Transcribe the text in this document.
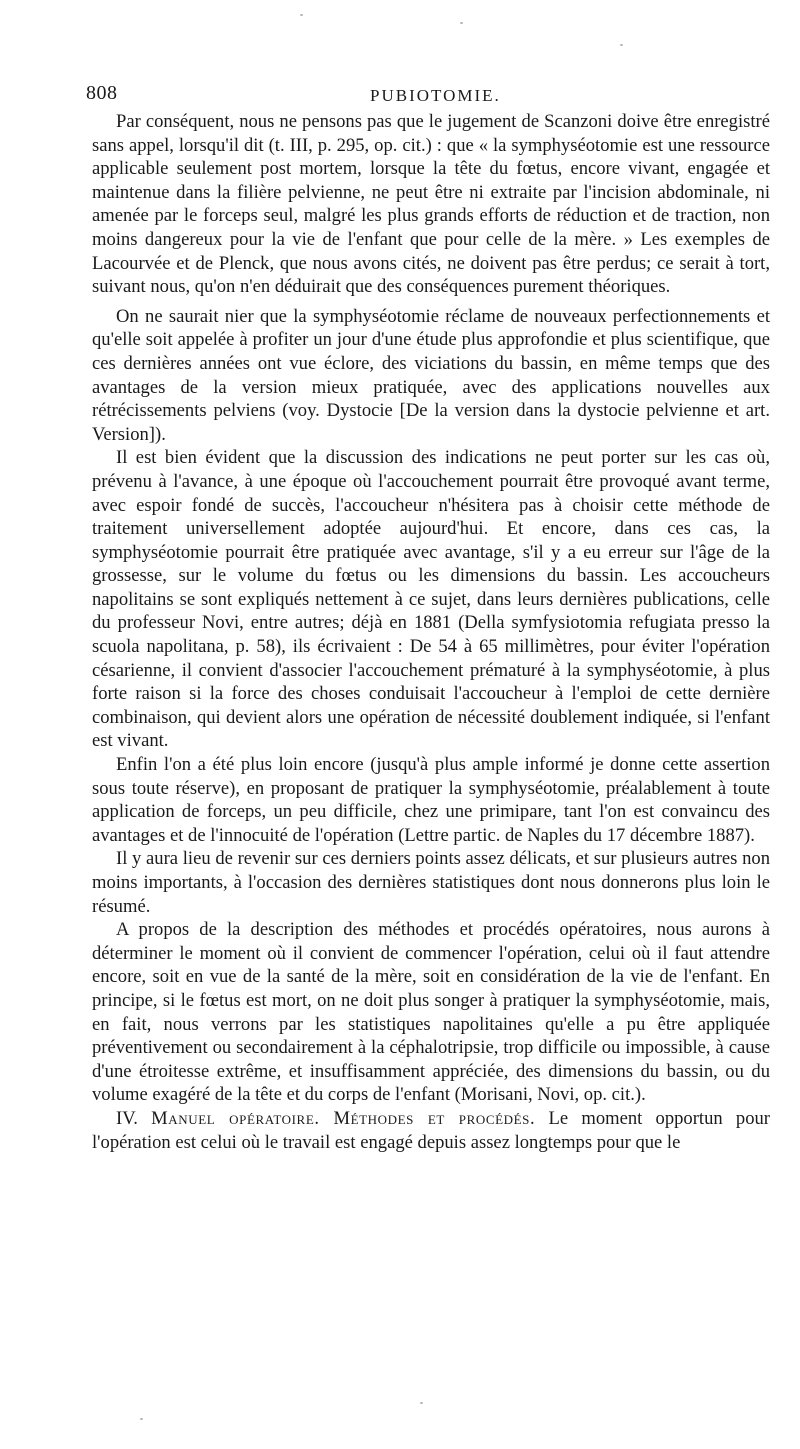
808	PUBIOTOMIE.

Par conséquent, nous ne pensons pas que le jugement de Scanzoni doive être enregistré sans appel, lorsqu'il dit (t. III, p. 295, op. cit.) : que « la symphyséotomie est une ressource applicable seulement post mortem, lorsque la tête du fœtus, encore vivant, engagée et maintenue dans la filière pelvienne, ne peut être ni extraite par l'incision abdominale, ni amenée par le forceps seul, malgré les plus grands efforts de réduction et de traction, non moins dangereux pour la vie de l'enfant que pour celle de la mère. » Les exemples de Lacourvée et de Plenck, que nous avons cités, ne doivent pas être perdus; ce serait à tort, suivant nous, qu'on n'en déduirait que des conséquences purement théoriques.

On ne saurait nier que la symphyséotomie réclame de nouveaux perfectionnements et qu'elle soit appelée à profiter un jour d'une étude plus approfondie et plus scientifique, que ces dernières années ont vue éclore, des viciations du bassin, en même temps que des avantages de la version mieux pratiquée, avec des applications nouvelles aux rétrécissements pelviens (voy. Dystocie [De la version dans la dystocie pelvienne et art. Version]).

Il est bien évident que la discussion des indications ne peut porter sur les cas où, prévenu à l'avance, à une époque où l'accouchement pourrait être provoqué avant terme, avec espoir fondé de succès, l'accoucheur n'hésitera pas à choisir cette méthode de traitement universellement adoptée aujourd'hui. Et encore, dans ces cas, la symphyséotomie pourrait être pratiquée avec avantage, s'il y a eu erreur sur l'âge de la grossesse, sur le volume du fœtus ou les dimensions du bassin. Les accoucheurs napolitains se sont expliqués nettement à ce sujet, dans leurs dernières publications, celle du professeur Novi, entre autres; déjà en 1881 (Della symfysiotomia refugiata presso la scuola napolitana, p. 58), ils écrivaient : De 54 à 65 millimètres, pour éviter l'opération césarienne, il convient d'associer l'accouchement prématuré à la symphyséotomie, à plus forte raison si la force des choses conduisait l'accoucheur à l'emploi de cette dernière combinaison, qui devient alors une opération de nécessité doublement indiquée, si l'enfant est vivant.

Enfin l'on a été plus loin encore (jusqu'à plus ample informé je donne cette assertion sous toute réserve), en proposant de pratiquer la symphyséotomie, préalablement à toute application de forceps, un peu difficile, chez une primipare, tant l'on est convaincu des avantages et de l'innocuité de l'opération (Lettre partic. de Naples du 17 décembre 1887).

Il y aura lieu de revenir sur ces derniers points assez délicats, et sur plusieurs autres non moins importants, à l'occasion des dernières statistiques dont nous donnerons plus loin le résumé.

A propos de la description des méthodes et procédés opératoires, nous aurons à déterminer le moment où il convient de commencer l'opération, celui où il faut attendre encore, soit en vue de la santé de la mère, soit en considération de la vie de l'enfant. En principe, si le fœtus est mort, on ne doit plus songer à pratiquer la symphyséotomie, mais, en fait, nous verrons par les statistiques napolitaines qu'elle a pu être appliquée préventivement ou secondairement à la céphalotripsie, trop difficile ou impossible, à cause d'une étroitesse extrême, et insuffisamment appréciée, des dimensions du bassin, ou du volume exagéré de la tête et du corps de l'enfant (Morisani, Novi, op. cit.).

IV. Manuel opératoire. Méthodes et procédés. Le moment opportun pour l'opération est celui où le travail est engagé depuis assez longtemps pour que le
